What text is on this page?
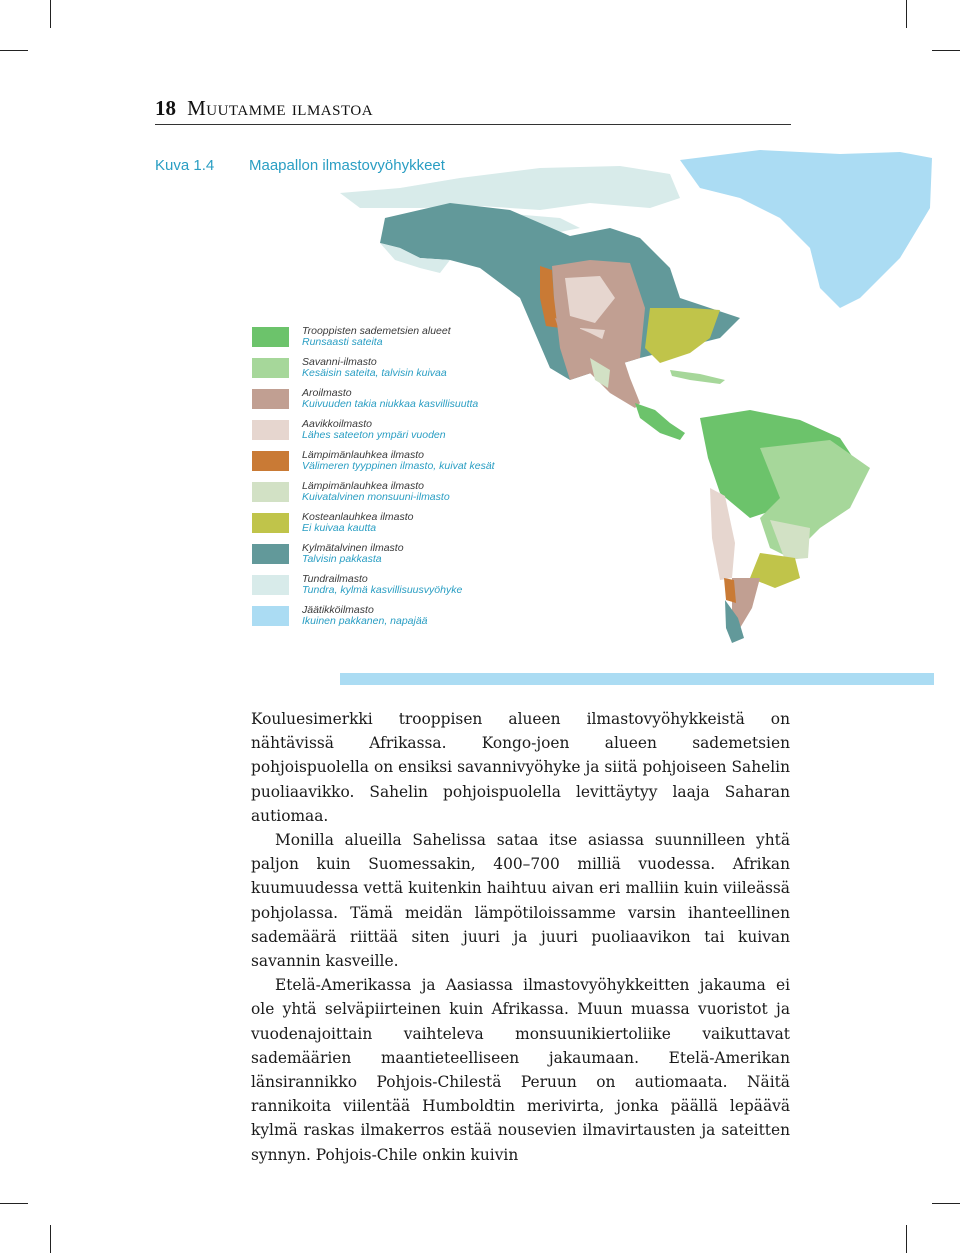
18 Muutamme ilmastoa
Kuva 1.4 Maapallon ilmastovyöhykkeet
Trooppisten sademetsien alueet
Runsaasti sateita
Savanni-ilmasto
Kesäisin sateita, talvisin kuivaa
Aroilmasto
Kuivuuden takia niukkaa kasvillisuutta
Aavikkoilmasto
Lähes sateeton ympäri vuoden
Lämpimänlauhkea ilmasto
Välimeren tyyppinen ilmasto, kuivat kesät
Lämpimänlauhkea ilmasto
Kuivatalvinen monsuuni-ilmasto
Kosteanlauhkea ilmasto
Ei kuivaa kautta
Kylmätalvinen ilmasto
Talvisin pakkasta
Tundrailmasto
Tundra, kylmä kasvillisuusvyöhyke
Jäätikköilmasto
Ikuinen pakkanen, napajää

Kouluesimerkki trooppisen alueen ilmastovyöhykkeistä on nähtävissä Afrikassa. Kongo-joen alueen sademetsien pohjoispuolella on ensiksi savannivyöhyke ja siitä pohjoiseen Sahelin puoliaavikko. Sahelin pohjoispuolella levittäytyy laaja Saharan autiomaa.

Monilla alueilla Sahelissa sataa itse asiassa suunnilleen yhtä paljon kuin Suomessakin, 400–700 milliä vuodessa. Afrikan kuumuudessa vettä kuitenkin haihtuu aivan eri malliin kuin viileässä pohjolassa. Tämä meidän lämpötiloissamme varsin ihanteellinen sademäärä riittää siten juuri ja juuri puoliaavikon tai kuivan savannin kasveille.

Etelä-Amerikassa ja Aasiassa ilmastovyöhykkeitten jakauma ei ole yhtä selväpiirteinen kuin Afrikassa. Muun muassa vuoristot ja vuodenajoittain vaihteleva monsuunikiertoliike vaikuttavat sademäärien maantieteelliseen jakaumaan. Etelä-Amerikan länsirannikko Pohjois-Chilestä Peruun on autiomaata. Näitä rannikoita viilentää Humboldtin merivirta, jonka päällä lepäävä kylmä raskas ilmakerros estää nousevien ilmavirtausten ja sateitten synnyn. Pohjois-Chile onkin kuivin
